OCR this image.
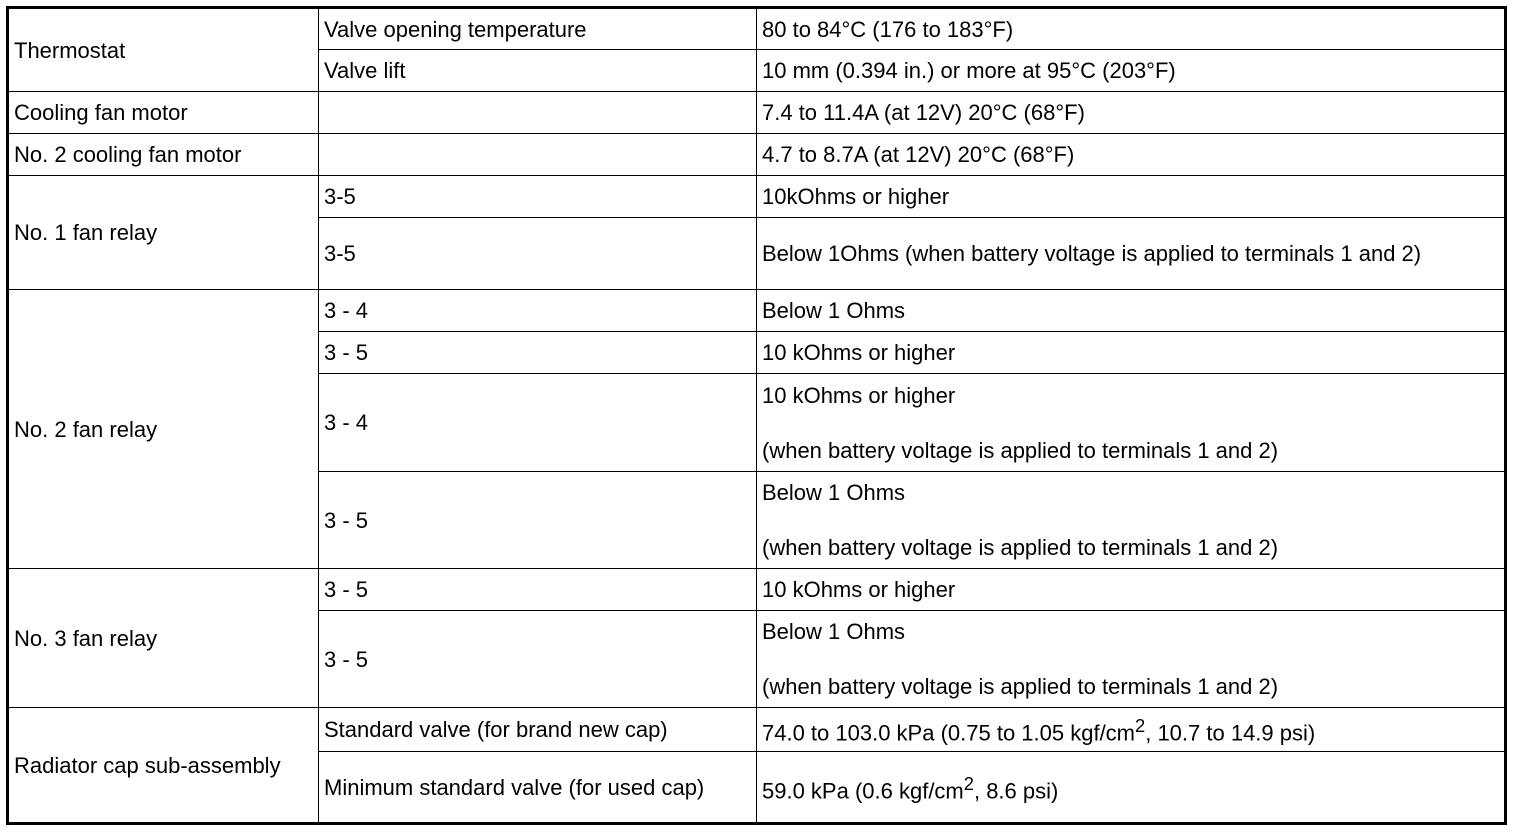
Thermostat	Valve opening temperature	80 to 84°C (176 to 183°F)
	Valve lift	10 mm (0.394 in.) or more at 95°C (203°F)
Cooling fan motor		7.4 to 11.4A (at 12V) 20°C (68°F)
No. 2 cooling fan motor		4.7 to 8.7A (at 12V) 20°C (68°F)
No. 1 fan relay	3-5	10kOhms or higher
	3-5	Below 1Ohms (when battery voltage is applied to terminals 1 and 2)
No. 2 fan relay	3 - 4	Below 1 Ohms
	3 - 5	10 kOhms or higher
	3 - 4	10 kOhms or higher
(when battery voltage is applied to terminals 1 and 2)
	3 - 5	Below 1 Ohms
(when battery voltage is applied to terminals 1 and 2)
No. 3 fan relay	3 - 5	10 kOhms or higher
	3 - 5	Below 1 Ohms
(when battery voltage is applied to terminals 1 and 2)
Radiator cap sub-assembly	Standard valve (for brand new cap)	74.0 to 103.0 kPa (0.75 to 1.05 kgf/$cm^2$, 10.7 to 14.9 psi)
	Minimum standard valve (for used cap)	59.0 kPa (0.6 kgf/$cm^2$, 8.6 psi)
